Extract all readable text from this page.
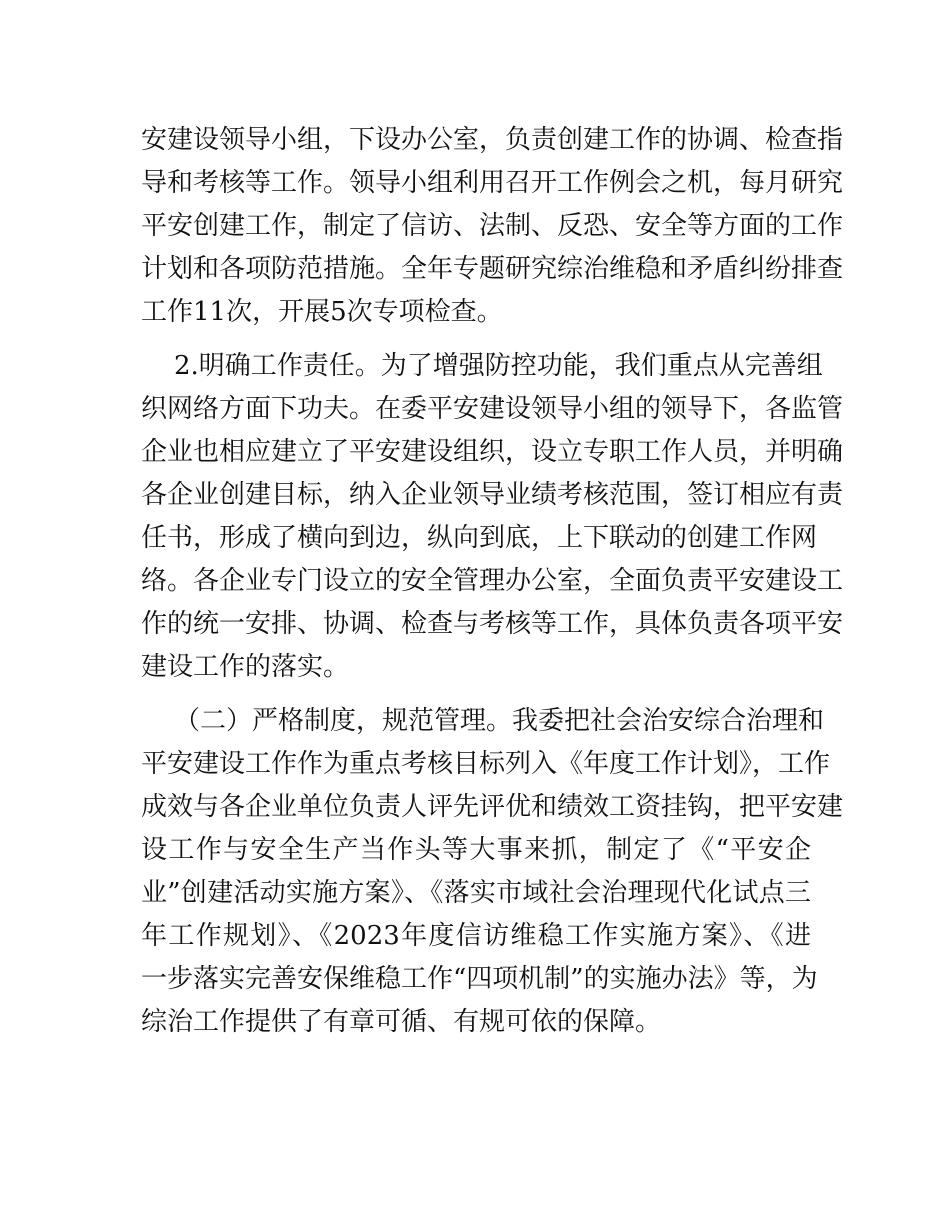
安建设领导小组，下设办公室，负责创建工作的协调、检查指
导和考核等工作。领导小组利用召开工作例会之机，每月研究
平安创建工作，制定了信访、法制、反恐、安全等方面的工作
计划和各项防范措施。全年专题研究综治维稳和矛盾纠纷排查
工作11次，开展5次专项检查。
2.明确工作责任。为了增强防控功能，我们重点从完善组
织网络方面下功夫。在委平安建设领导小组的领导下，各监管
企业也相应建立了平安建设组织，设立专职工作人员，并明确
各企业创建目标，纳入企业领导业绩考核范围，签订相应有责
任书，形成了横向到边，纵向到底，上下联动的创建工作网
络。各企业专门设立的安全管理办公室，全面负责平安建设工
作的统一安排、协调、检查与考核等工作，具体负责各项平安
建设工作的落实。
（二）严格制度，规范管理。我委把社会治安综合治理和
平安建设工作作为重点考核目标列入《年度工作计划》，工作
成效与各企业单位负责人评先评优和绩效工资挂钩，把平安建
设工作与安全生产当作头等大事来抓，制定了《“平安企
业”创建活动实施方案》、《落实市域社会治理现代化试点三
年工作规划》、《2023年度信访维稳工作实施方案》、《进
一步落实完善安保维稳工作“四项机制”的实施办法》等，为
综治工作提供了有章可循、有规可依的保障。
